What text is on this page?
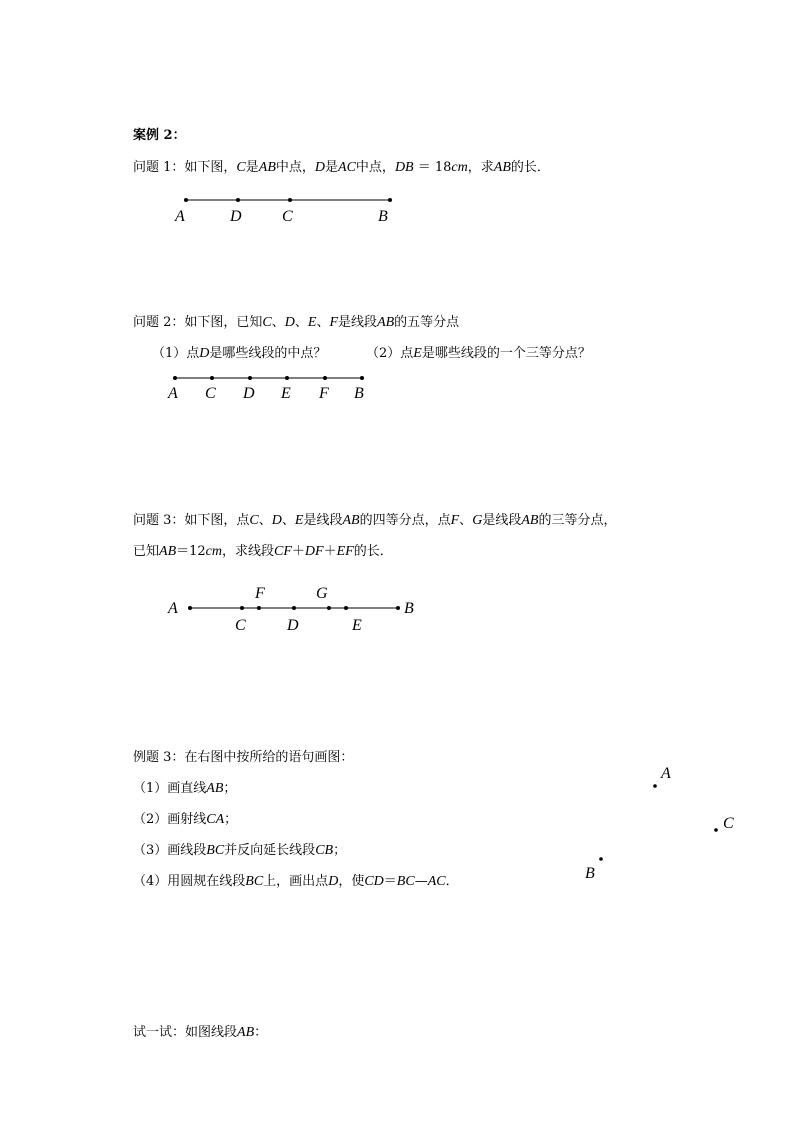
案例 2：
问题 1：如下图，C是AB中点，D是AC中点，DB ＝ 18cm，求AB的长．
问题 2：如下图，已知C、D、E、F是线段AB的五等分点
（1）点D是哪些线段的中点？	（2）点E是哪些线段的一个三等分点？
问题 3：如下图，点C、D、E是线段AB的四等分点，点F、G是线段AB的三等分点，
已知AB＝12cm，求线段CF＋DF＋EF的长．
例题 3：在右图中按所给的语句画图：
（1）画直线AB；
（2）画射线CA；
（3）画线段BC并反向延长线段CB；
（4）用圆规在线段BC上，画出点D，使CD＝BC—AC．
试一试：如图线段AB：
A	D	C	B
A C D E F B
A	B
F	G
C	D	E
A
C
B
